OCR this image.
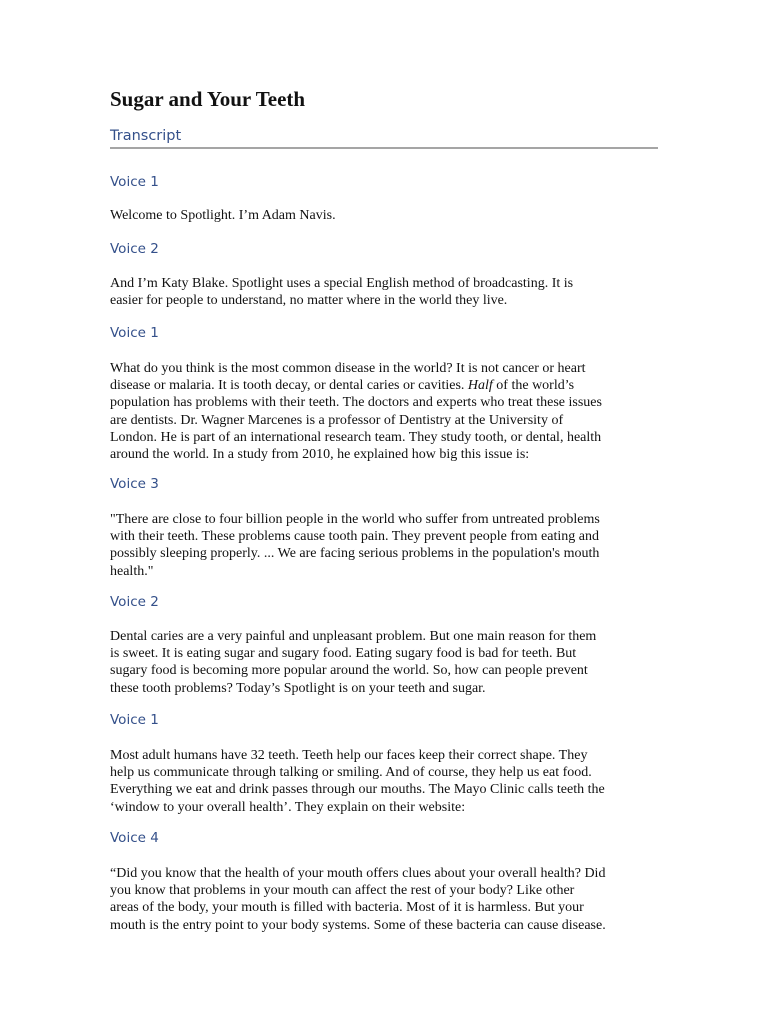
Sugar and Your Teeth
Transcript
Voice 1

Welcome to Spotlight. I’m Adam Navis.

Voice 2

And I’m Katy Blake. Spotlight uses a special English method of broadcasting. It is
easier for people to understand, no matter where in the world they live.

Voice 1

What do you think is the most common disease in the world? It is not cancer or heart
disease or malaria. It is tooth decay, or dental caries or cavities. Half of the world’s
population has problems with their teeth. The doctors and experts who treat these issues
are dentists. Dr. Wagner Marcenes is a professor of Dentistry at the University of
London. He is part of an international research team. They study tooth, or dental, health
around the world. In a study from 2010, he explained how big this issue is:

Voice 3

"There are close to four billion people in the world who suffer from untreated problems
with their teeth. These problems cause tooth pain. They prevent people from eating and
possibly sleeping properly. ... We are facing serious problems in the population's mouth
health."

Voice 2

Dental caries are a very painful and unpleasant problem. But one main reason for them
is sweet. It is eating sugar and sugary food. Eating sugary food is bad for teeth. But
sugary food is becoming more popular around the world. So, how can people prevent
these tooth problems? Today’s Spotlight is on your teeth and sugar.

Voice 1

Most adult humans have 32 teeth. Teeth help our faces keep their correct shape. They
help us communicate through talking or smiling. And of course, they help us eat food.
Everything we eat and drink passes through our mouths. The Mayo Clinic calls teeth the
‘window to your overall health’. They explain on their website:

Voice 4

“Did you know that the health of your mouth offers clues about your overall health? Did
you know that problems in your mouth can affect the rest of your body? Like other
areas of the body, your mouth is filled with bacteria. Most of it is harmless. But your
mouth is the entry point to your body systems. Some of these bacteria can cause disease.
